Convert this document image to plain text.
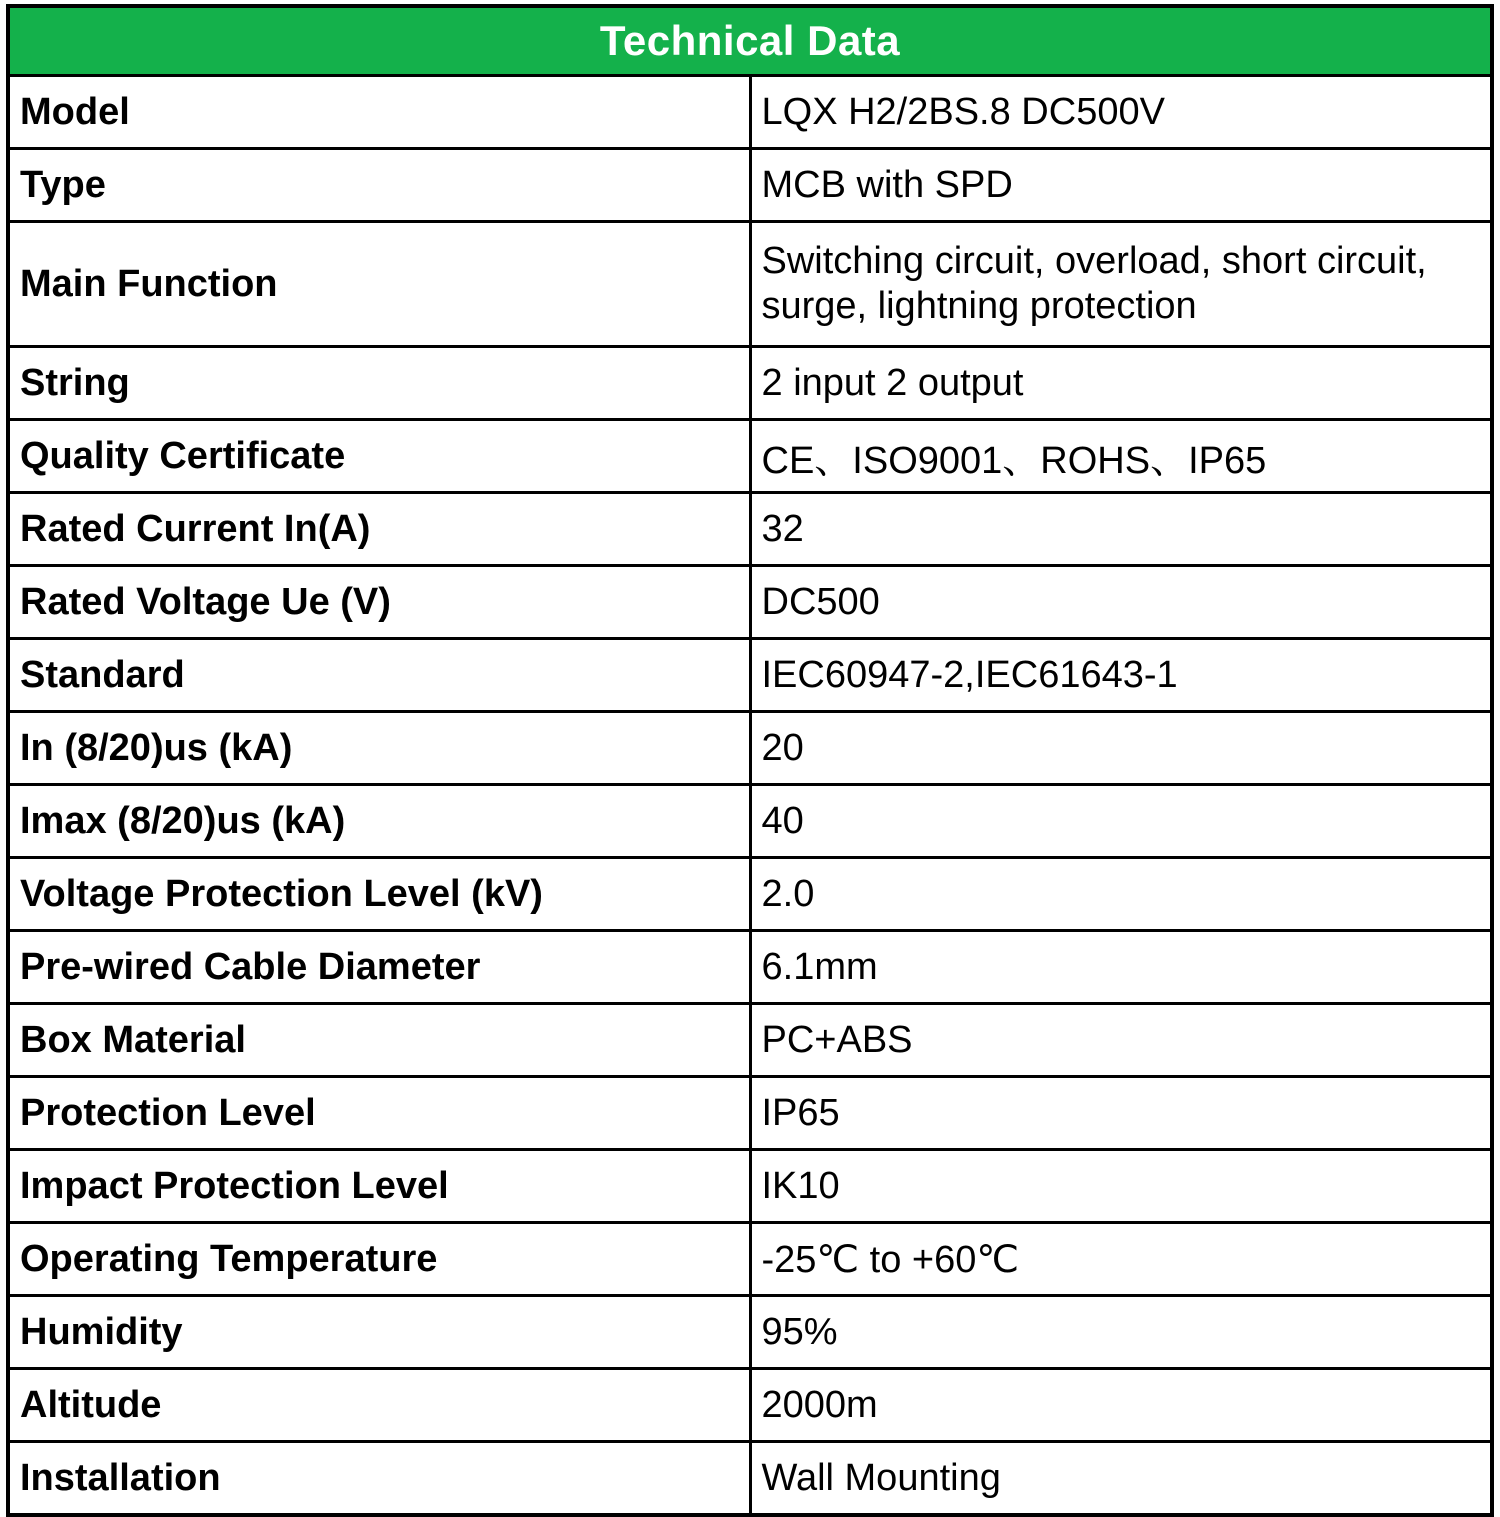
Technical Data	
Model	LQX H2/2BS.8 DC500V
Type	MCB with SPD
Main Function	Switching circuit, overload, short circuit,
surge, lightning protection

String	2 input 2 output
Quality Certificate	CE、ISO9001、ROHS、IP65
Rated Current In(A)	32
Rated Voltage Ue (V)	DC500
Standard	IEC60947-2,IEC61643-1
In (8/20)us (kA)	20
Imax (8/20)us (kA)	40
Voltage Protection Level (kV)	2.0
Pre-wired Cable Diameter	6.1mm
Box Material	PC+ABS
Protection Level	IP65
Impact Protection Level	IK10
Operating Temperature	-25℃ to +60℃
Humidity	95%
Altitude	2000m
Installation	Wall Mounting
